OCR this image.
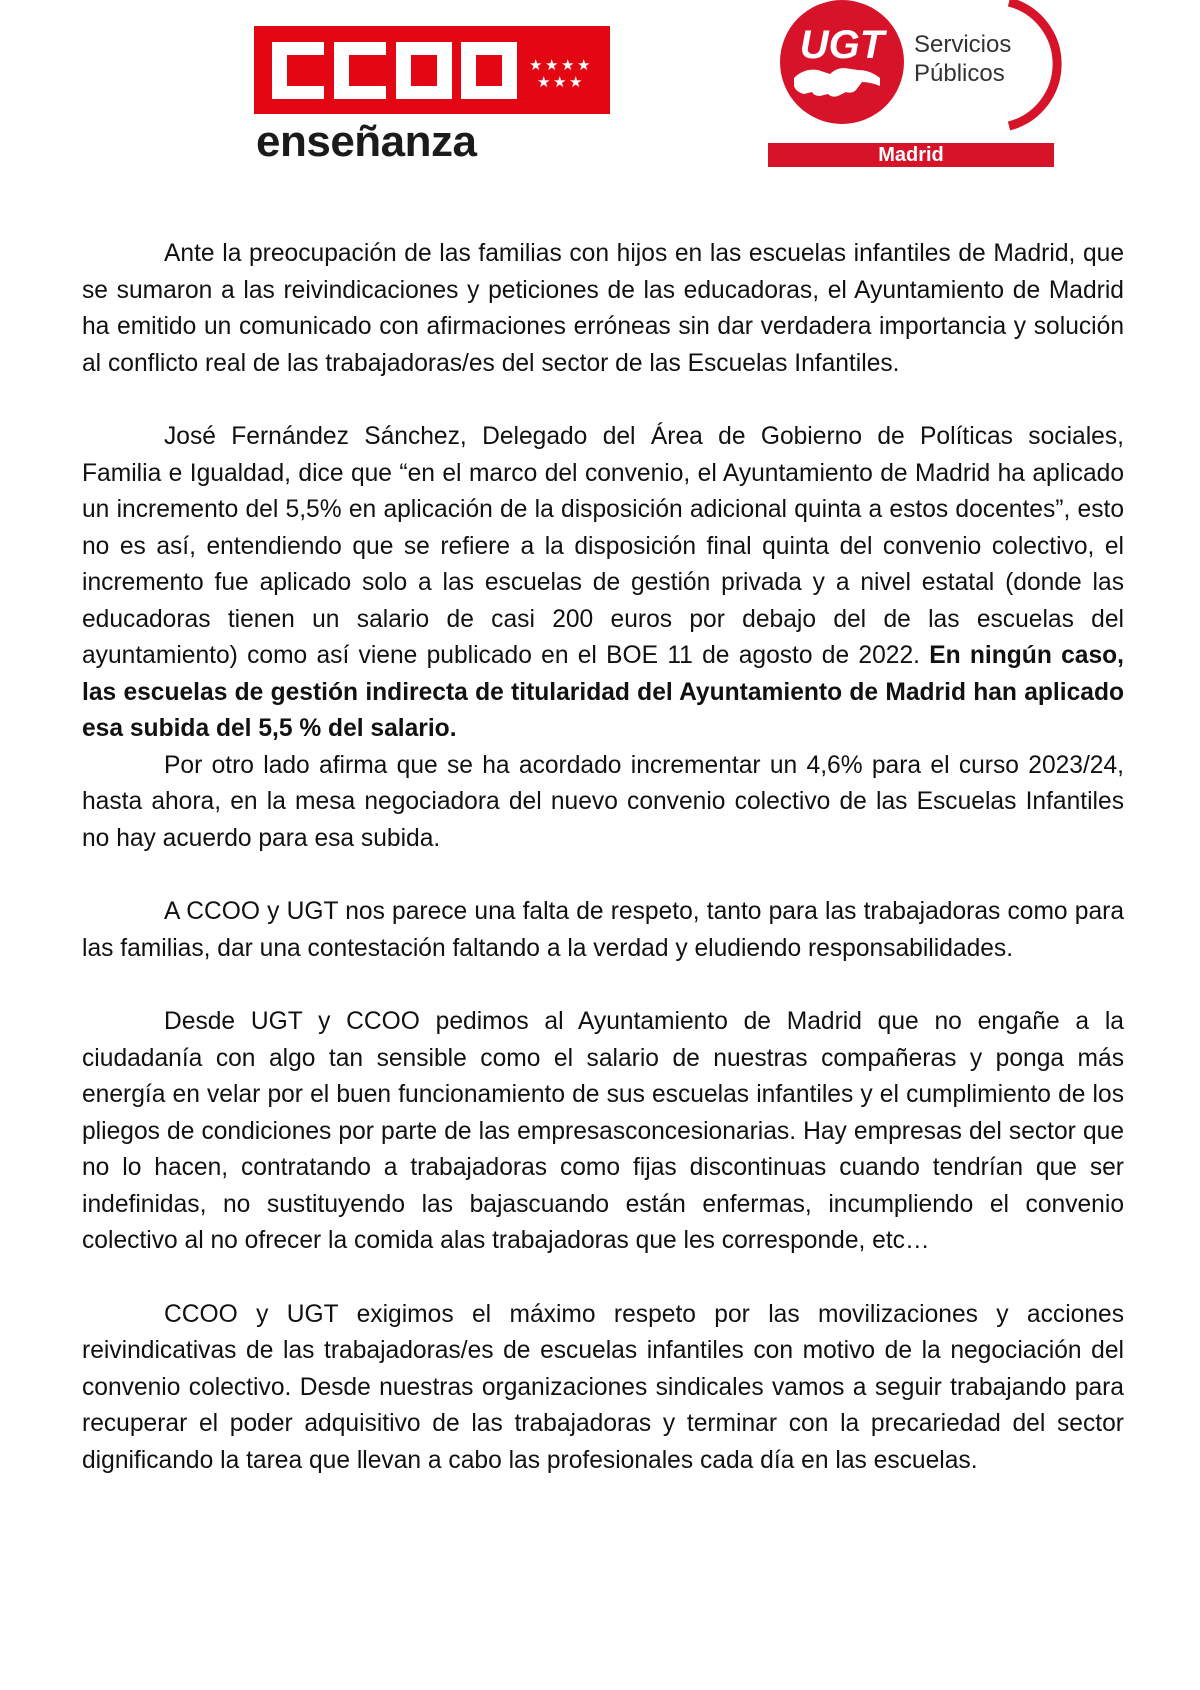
★ ★ ★ ★
★ ★ ★
enseñanza
UGT Servicios
Públicos
Madrid

Ante la preocupación de las familias con hijos en las escuelas infantiles de Madrid, que se sumaron a las reivindicaciones y peticiones de las educadoras, el Ayuntamiento de Madrid ha emitido un comunicado con afirmaciones erróneas sin dar verdadera importancia y solución al conflicto real de las trabajadoras/es del sector de las Escuelas Infantiles.

José Fernández Sánchez, Delegado del Área de Gobierno de Políticas sociales, Familia e Igualdad, dice que “en el marco del convenio, el Ayuntamiento de Madrid ha aplicado un incremento del 5,5% en aplicación de la disposición adicional quinta a estos docentes”, esto no es así, entendiendo que se refiere a la disposición final quinta del convenio colectivo, el incremento fue aplicado solo a las escuelas de gestión privada y a nivel estatal (donde las educadoras tienen un salario de casi 200 euros por debajo del de las escuelas del ayuntamiento) como así viene publicado en el BOE 11 de agosto de 2022. En ningún caso, las escuelas de gestión indirecta de titularidad del Ayuntamiento de Madrid han aplicado esa subida del 5,5 % del salario.

Por otro lado afirma que se ha acordado incrementar un 4,6% para el curso 2023/24, hasta ahora, en la mesa negociadora del nuevo convenio colectivo de las Escuelas Infantiles no hay acuerdo para esa subida.

A CCOO y UGT nos parece una falta de respeto, tanto para las trabajadoras como para las familias, dar una contestación faltando a la verdad y eludiendo responsabilidades.

Desde UGT y CCOO pedimos al Ayuntamiento de Madrid que no engañe a la ciudadanía con algo tan sensible como el salario de nuestras compañeras y ponga más energía en velar por el buen funcionamiento de sus escuelas infantiles y el cumplimiento de los pliegos de condiciones por parte de las empresasconcesionarias. Hay empresas del sector que no lo hacen, contratando a trabajadoras como fijas discontinuas cuando tendrían que ser indefinidas, no sustituyendo las bajascuando están enfermas, incumpliendo el convenio colectivo al no ofrecer la comida alas trabajadoras que les corresponde, etc…

CCOO y UGT exigimos el máximo respeto por las movilizaciones y acciones reivindicativas de las trabajadoras/es de escuelas infantiles con motivo de la negociación del convenio colectivo. Desde nuestras organizaciones sindicales vamos a seguir trabajando para recuperar el poder adquisitivo de las trabajadoras y terminar con la precariedad del sector dignificando la tarea que llevan a cabo las profesionales cada día en las escuelas.
